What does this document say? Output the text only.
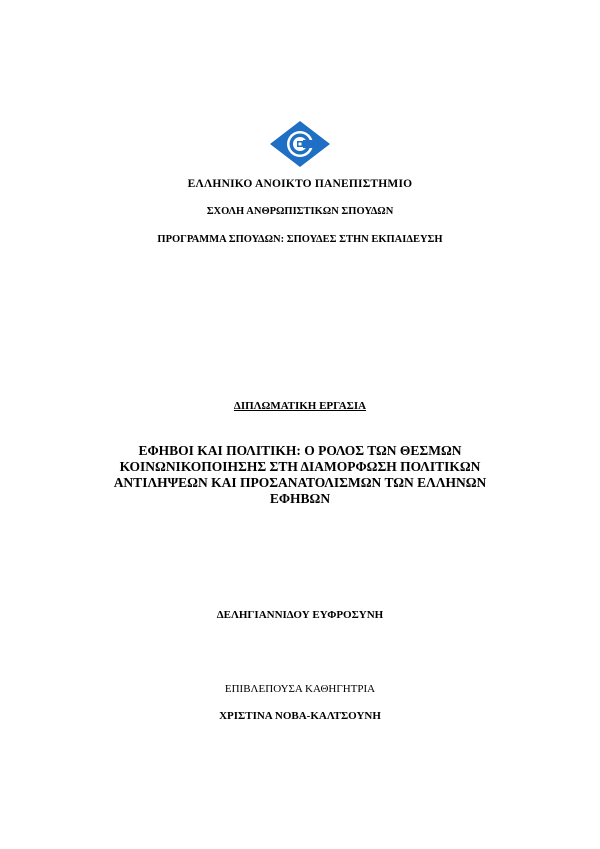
ΕΛΛΗΝΙΚΟ ΑΝΟΙΚΤΟ ΠΑΝΕΠΙΣΤΗΜΙΟ
ΣΧΟΛΗ ΑΝΘΡΩΠΙΣΤΙΚΩΝ ΣΠΟΥΔΩΝ
ΠΡΟΓΡΑΜΜΑ ΣΠΟΥΔΩΝ: ΣΠΟΥΔΕΣ ΣΤΗΝ ΕΚΠΑΙΔΕΥΣΗ
ΔΙΠΛΩΜΑΤΙΚΗ ΕΡΓΑΣΙΑ
ΕΦΗΒΟΙ ΚΑΙ ΠΟΛΙΤΙΚΗ: Ο ΡΟΛΟΣ ΤΩΝ ΘΕΣΜΩΝ
ΚΟΙΝΩΝΙΚΟΠΟΙΗΣΗΣ ΣΤΗ ΔΙΑΜΟΡΦΩΣΗ ΠΟΛΙΤΙΚΩΝ
ΑΝΤΙΛΗΨΕΩΝ ΚΑΙ ΠΡΟΣΑΝΑΤΟΛΙΣΜΩΝ ΤΩΝ ΕΛΛΗΝΩΝ
ΕΦΗΒΩΝ
ΔΕΛΗΓΙΑΝΝΙΔΟΥ ΕΥΦΡΟΣΥΝΗ
ΕΠΙΒΛΕΠΟΥΣΑ ΚΑΘΗΓΗΤΡΙΑ
ΧΡΙΣΤΙΝΑ ΝΟΒΑ-ΚΑΛΤΣΟΥΝΗ
